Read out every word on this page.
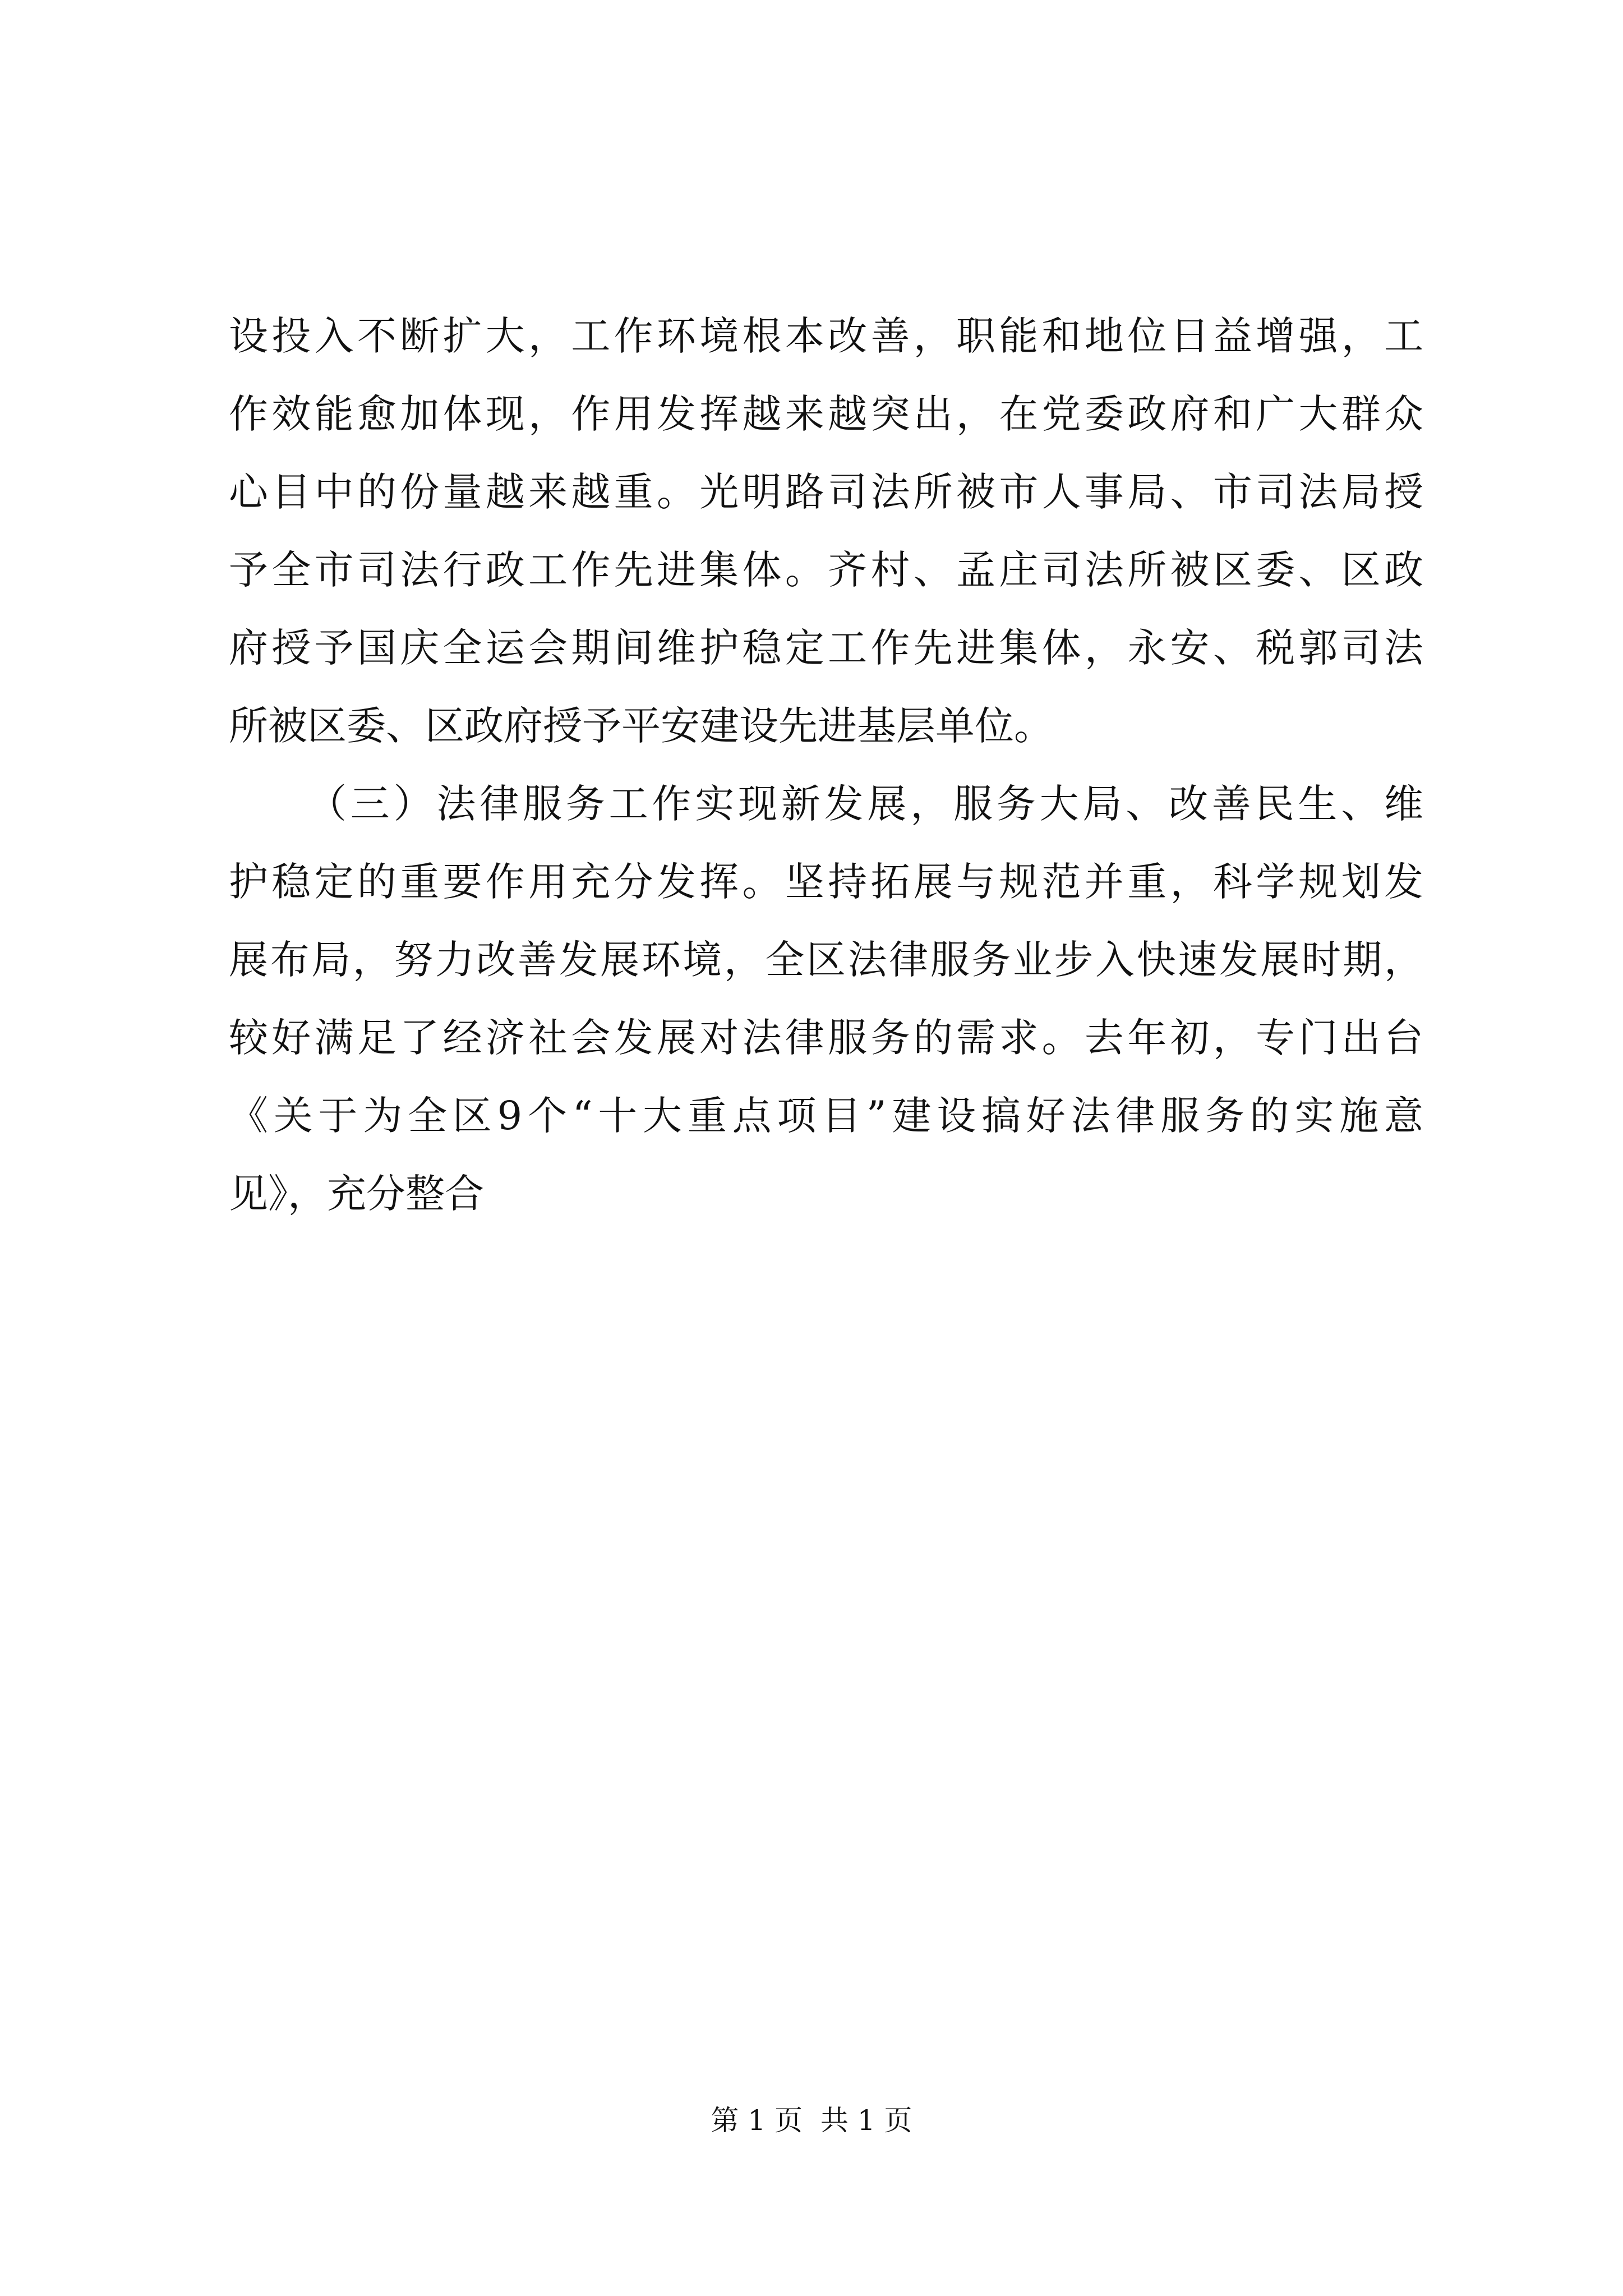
设投入不断扩大，工作环境根本改善，职能和地位日益增强，工
作效能愈加体现，作用发挥越来越突出，在党委政府和广大群众
心目中的份量越来越重。光明路司法所被市人事局、市司法局授
予全市司法行政工作先进集体。齐村、孟庄司法所被区委、区政
府授予国庆全运会期间维护稳定工作先进集体，永安、税郭司法
所被区委、区政府授予平安建设先进基层单位。
（三）法律服务工作实现新发展，服务大局、改善民生、维
护稳定的重要作用充分发挥。坚持拓展与规范并重，科学规划发
展布局，努力改善发展环境，全区法律服务业步入快速发展时期，
较好满足了经济社会发展对法律服务的需求。去年初，专门出台
《关于为全区9个“十大重点项目”建设搞好法律服务的实施意
见》，充分整合
第 1 页  共 1 页
